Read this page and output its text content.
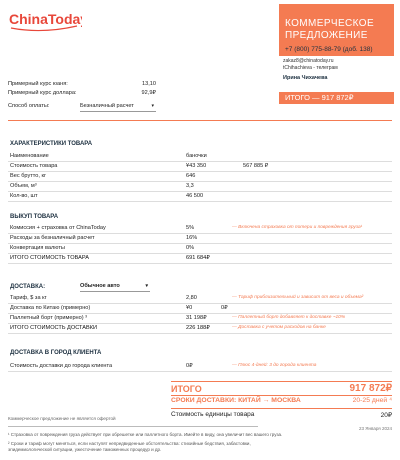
ChinaToday	КОММЕРЧЕСКОЕ
ПРЕДЛОЖЕНИЕ
+7 (800) 775-88-79 (доб. 138)
zakaz8@chinatoday.ru
tChihachieva - телеграм
Ирина Чихачева
ИТОГО — 917 872₽
Примерный курс юаня:	13,10
Примерный курс доллара:	92,9₽
Способ оплаты:	Безналичный расчет	▾
ХАРАКТЕРИСТИКИ ТОВАРА
Наименование	баночки
Стоимость товара	¥43 350	567 885 ₽
Вес брутто, кг	646
Объем, м³	3,3
Кол-во, шт	46 500
ВЫКУП ТОВАРА
Комиссия + страховка от ChinaToday	5%	— Включена страховка от потери и повреждения груза¹
Расходы за безналичный расчет	16%
Конвертация валюты	0%
ИТОГО СТОИМОСТЬ ТОВАРА	691 684₽
ДОСТАВКА:	Обычное авто	▾
Тариф, $ за кг	2,80	— Тариф приблизительный и зависит от веса и объема²
Доставка по Китаю (примерно)	¥0	0₽
Паллетный борт (примерно) ³	31 198₽	— Паллетный борт добавляет к доставке ~10%
ИТОГО СТОИМОСТЬ ДОСТАВКИ	226 188₽	— Доставка с учетом расходов на банке
ДОСТАВКА В ГОРОД КЛИЕНТА
Стоимость доставки до города клиента	0₽	— Плюс 4-дней: 3 до города клиента
ИТОГО	917 872₽
СРОКИ ДОСТАВКИ: КИТАЙ → МОСКВА	20-25 дней ⁴
Стоимость единицы товара	20₽
Коммерческое предложение не является офертой
23 Января 2024
¹ Страховка от повреждения груза действует при обрешетке или паллетного борта. Имейте в виду, она увеличит вес вашего груза.
² Сроки и тариф могут меняться, если наступят непредвиденные обстоятельства: стихийные бедствия, забастовки,
эпидемиологической ситуации, ужесточение таможенных процедур и др.
